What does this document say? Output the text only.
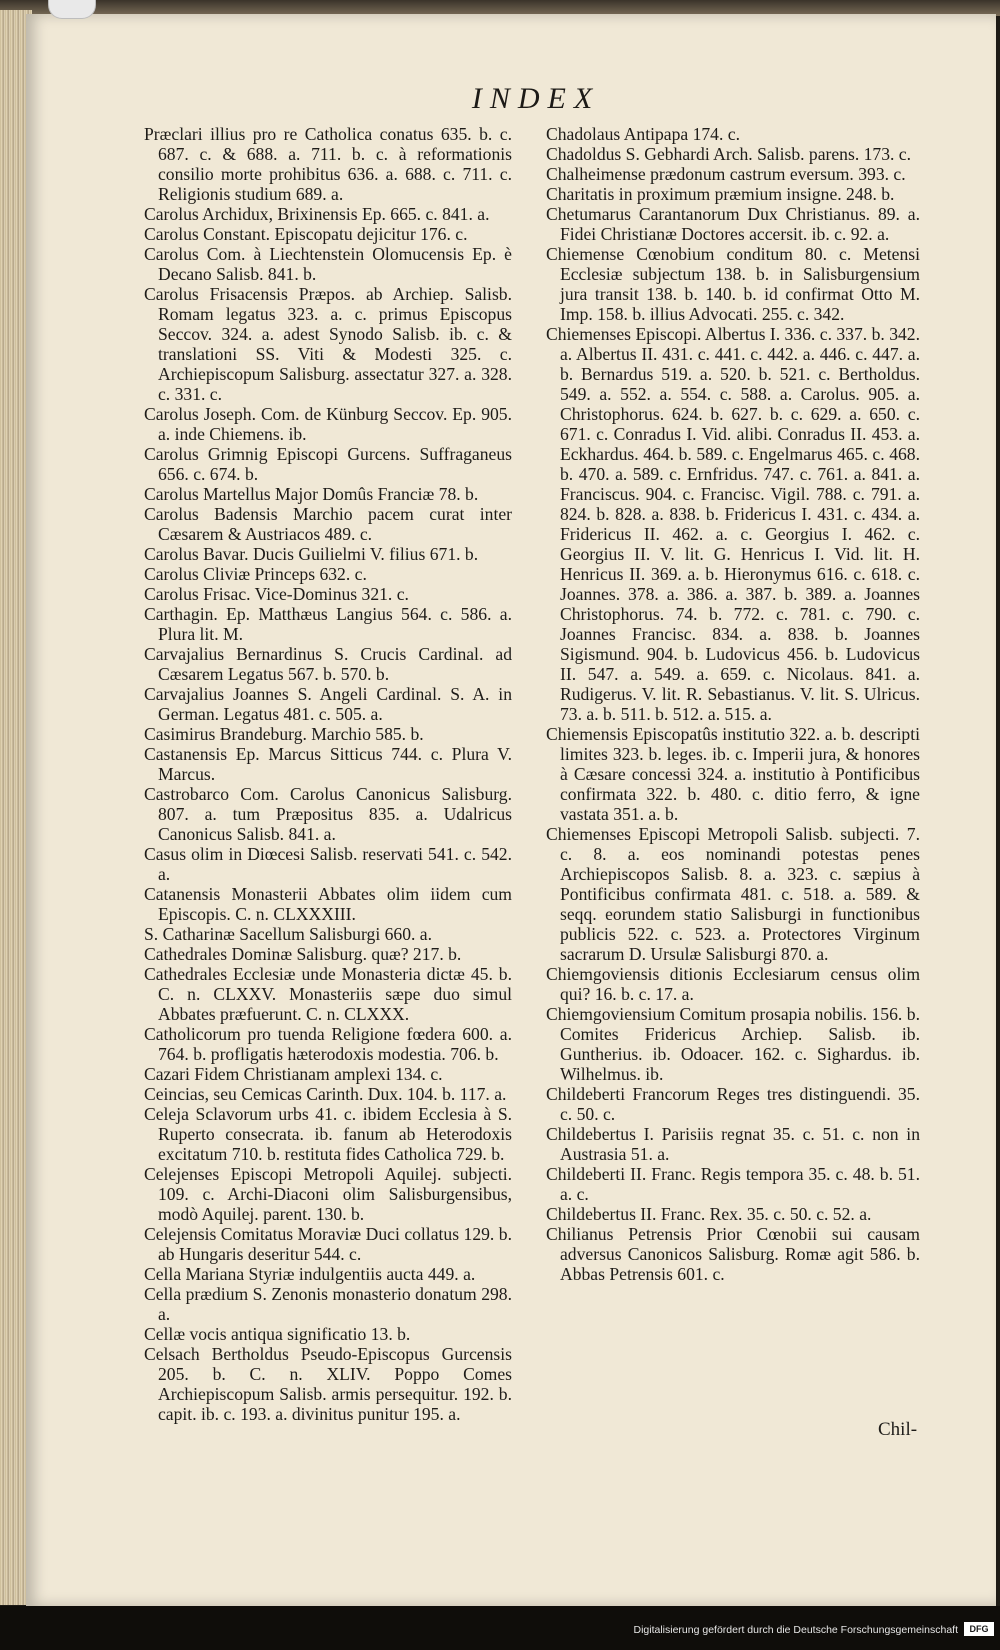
INDEX

Præclari illius pro re Catholica conatus 635. b. c. 687. c. & 688. a. 711. b. c. à reformationis consilio morte prohibitus 636. a. 688. c. 711. c. Religionis studium 689. a.

Carolus Archidux, Brixinensis Ep. 665. c. 841. a.

Carolus Constant. Episcopatu dejicitur 176. c.

Carolus Com. à Liechtenstein Olomucensis Ep. è Decano Salisb. 841. b.

Carolus Frisacensis Præpos. ab Archiep. Salisb. Romam legatus 323. a. c. primus Episcopus Seccov. 324. a. adest Synodo Salisb. ib. c. & translationi SS. Viti & Modesti 325. c. Archiepiscopum Salisburg. assectatur 327. a. 328. c. 331. c.

Carolus Joseph. Com. de Künburg Seccov. Ep. 905. a. inde Chiemens. ib.

Carolus Grimnig Episcopi Gurcens. Suffraganeus 656. c. 674. b.

Carolus Martellus Major Domûs Franciæ 78. b.

Carolus Badensis Marchio pacem curat inter Cæsarem & Austriacos 489. c.

Carolus Bavar. Ducis Guilielmi V. filius 671. b.

Carolus Cliviæ Princeps 632. c.

Carolus Frisac. Vice-Dominus 321. c.

Carthagin. Ep. Matthæus Langius 564. c. 586. a. Plura lit. M.

Carvajalius Bernardinus S. Crucis Cardinal. ad Cæsarem Legatus 567. b. 570. b.

Carvajalius Joannes S. Angeli Cardinal. S. A. in German. Legatus 481. c. 505. a.

Casimirus Brandeburg. Marchio 585. b.

Castanensis Ep. Marcus Sitticus 744. c. Plura V. Marcus.

Castrobarco Com. Carolus Canonicus Salisburg. 807. a. tum Præpositus 835. a. Udalricus Canonicus Salisb. 841. a.

Casus olim in Diœcesi Salisb. reservati 541. c. 542. a.

Catanensis Monasterii Abbates olim iidem cum Episcopis. C. n. CLXXXIII.

S. Catharinæ Sacellum Salisburgi 660. a.

Cathedrales Dominæ Salisburg. quæ? 217. b.

Cathedrales Ecclesiæ unde Monasteria dictæ 45. b. C. n. CLXXV. Monasteriis sæpe duo simul Abbates præfuerunt. C. n. CLXXX.

Catholicorum pro tuenda Religione fœdera 600. a. 764. b. profligatis hæterodoxis modestia. 706. b.

Cazari Fidem Christianam amplexi 134. c.

Ceincias, seu Cemicas Carinth. Dux. 104. b. 117. a.

Celeja Sclavorum urbs 41. c. ibidem Ecclesia à S. Ruperto consecrata. ib. fanum ab Heterodoxis excitatum 710. b. restituta fides Catholica 729. b.

Celejenses Episcopi Metropoli Aquilej. subjecti. 109. c. Archi-Diaconi olim Salisburgensibus, modò Aquilej. parent. 130. b.

Celejensis Comitatus Moraviæ Duci collatus 129. b. ab Hungaris deseritur 544. c.

Cella Mariana Styriæ indulgentiis aucta 449. a.

Cella prædium S. Zenonis monasterio donatum 298. a.

Cellæ vocis antiqua significatio 13. b.

Celsach Bertholdus Pseudo-Episcopus Gurcensis 205. b. C. n. XLIV. Poppo Comes Archiepiscopum Salisb. armis persequitur. 192. b. capit. ib. c. 193. a. divinitus punitur 195. a.

Chadolaus Antipapa 174. c.

Chadoldus S. Gebhardi Arch. Salisb. parens. 173. c.

Chalheimense prædonum castrum eversum. 393. c.

Charitatis in proximum præmium insigne. 248. b.

Chetumarus Carantanorum Dux Christianus. 89. a. Fidei Christianæ Doctores accersit. ib. c. 92. a.

Chiemense Cœnobium conditum 80. c. Metensi Ecclesiæ subjectum 138. b. in Salisburgensium jura transit 138. b. 140. b. id confirmat Otto M. Imp. 158. b. illius Advocati. 255. c. 342.

Chiemenses Episcopi. Albertus I. 336. c. 337. b. 342. a. Albertus II. 431. c. 441. c. 442. a. 446. c. 447. a. b. Bernardus 519. a. 520. b. 521. c. Bertholdus. 549. a. 552. a. 554. c. 588. a. Carolus. 905. a. Christophorus. 624. b. 627. b. c. 629. a. 650. c. 671. c. Conradus I. Vid. alibi. Conradus II. 453. a. Eckhardus. 464. b. 589. c. Engelmarus 465. c. 468. b. 470. a. 589. c. Ernfridus. 747. c. 761. a. 841. a. Franciscus. 904. c. Francisc. Vigil. 788. c. 791. a. 824. b. 828. a. 838. b. Fridericus I. 431. c. 434. a. Fridericus II. 462. a. c. Georgius I. 462. c. Georgius II. V. lit. G. Henricus I. Vid. lit. H. Henricus II. 369. a. b. Hieronymus 616. c. 618. c. Joannes. 378. a. 386. a. 387. b. 389. a. Joannes Christophorus. 74. b. 772. c. 781. c. 790. c. Joannes Francisc. 834. a. 838. b. Joannes Sigismund. 904. b. Ludovicus 456. b. Ludovicus II. 547. a. 549. a. 659. c. Nicolaus. 841. a. Rudigerus. V. lit. R. Sebastianus. V. lit. S. Ulricus. 73. a. b. 511. b. 512. a. 515. a.

Chiemensis Episcopatûs institutio 322. a. b. descripti limites 323. b. leges. ib. c. Imperii jura, & honores à Cæsare concessi 324. a. institutio à Pontificibus confirmata 322. b. 480. c. ditio ferro, & igne vastata 351. a. b.

Chiemenses Episcopi Metropoli Salisb. subjecti. 7. c. 8. a. eos nominandi potestas penes Archiepiscopos Salisb. 8. a. 323. c. sæpius à Pontificibus confirmata 481. c. 518. a. 589. & seqq. eorundem statio Salisburgi in functionibus publicis 522. c. 523. a. Protectores Virginum sacrarum D. Ursulæ Salisburgi 870. a.

Chiemgoviensis ditionis Ecclesiarum census olim qui? 16. b. c. 17. a.

Chiemgoviensium Comitum prosapia nobilis. 156. b. Comites Fridericus Archiep. Salisb. ib. Guntherius. ib. Odoacer. 162. c. Sighardus. ib. Wilhelmus. ib.

Childeberti Francorum Reges tres distinguendi. 35. c. 50. c.

Childebertus I. Parisiis regnat 35. c. 51. c. non in Austrasia 51. a.

Childeberti II. Franc. Regis tempora 35. c. 48. b. 51. a. c.

Childebertus II. Franc. Rex. 35. c. 50. c. 52. a.

Chilianus Petrensis Prior Cœnobii sui causam adversus Canonicos Salisburg. Romæ agit 586. b. Abbas Petrensis 601. c.

Chil-
Digitalisierung gefördert durch die Deutsche Forschungsgemeinschaft	DFG
